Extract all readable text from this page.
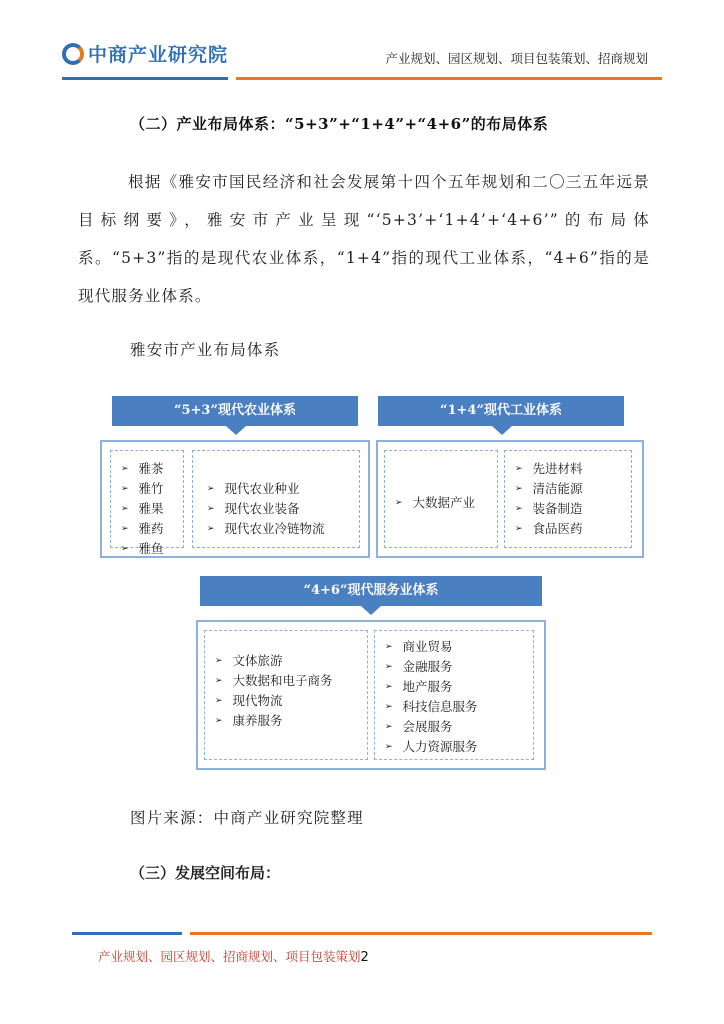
中商产业研究院	产业规划、园区规划、项目包装策划、招商规划
（二）产业布局体系：“5+3”+“1+4”+“4+6”的布局体系

根据《雅安市国民经济和社会发展第十四个五年规划和二〇三五年远景目标纲要》，雅安市产业呈现“‘5+3’+‘1+4’+‘4+6’”的布局体系。“5+3”指的是现代农业体系，“1+4”指的现代工业体系，“4+6”指的是现代服务业体系。

雅安市产业布局体系
“5+3”现代农业体系
➢ 雅茶
➢ 雅竹
➢ 雅果
➢ 雅药
➢ 雅鱼
➢ 现代农业种业
➢ 现代农业装备
➢ 现代农业冷链物流
“1+4”现代工业体系
➢ 大数据产业
➢ 先进材料
➢ 清洁能源
➢ 装备制造
➢ 食品医药
“4+6”现代服务业体系
➢ 文体旅游
➢ 大数据和电子商务
➢ 现代物流
➢ 康养服务
➢ 商业贸易
➢ 金融服务
➢ 地产服务
➢ 科技信息服务
➢ 会展服务
➢ 人力资源服务
图片来源：中商产业研究院整理
（三）发展空间布局：
产业规划、园区规划、招商规划、项目包装策划2
